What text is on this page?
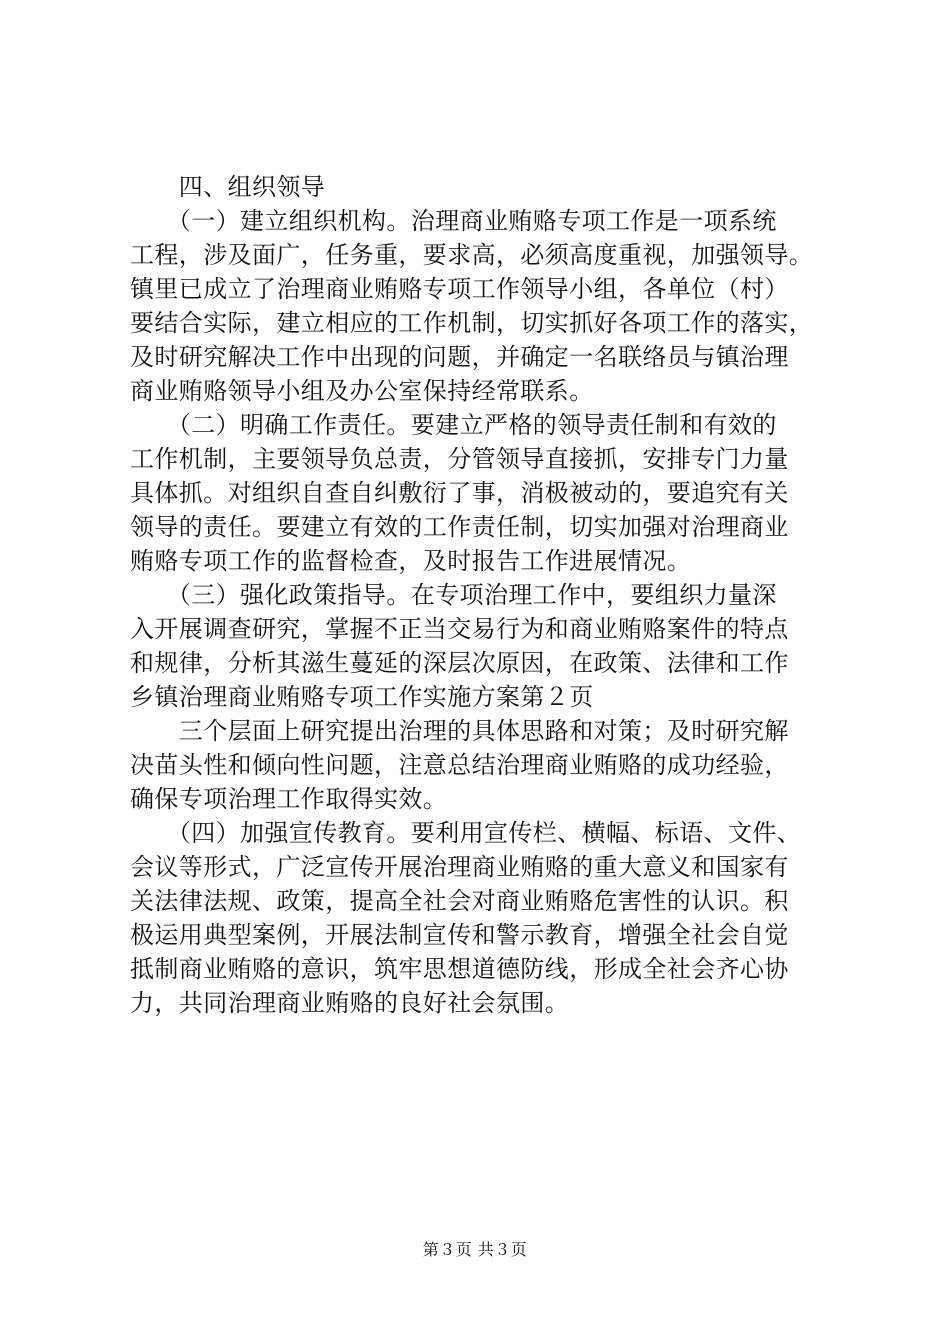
　　四、组织领导
　　（一）建立组织机构。治理商业贿赂专项工作是一项系统
工程，涉及面广，任务重，要求高，必须高度重视，加强领导。
镇里已成立了治理商业贿赂专项工作领导小组，各单位（村）
要结合实际，建立相应的工作机制，切实抓好各项工作的落实，
及时研究解决工作中出现的问题，并确定一名联络员与镇治理
商业贿赂领导小组及办公室保持经常联系。
　　（二）明确工作责任。要建立严格的领导责任制和有效的
工作机制，主要领导负总责，分管领导直接抓，安排专门力量
具体抓。对组织自查自纠敷衍了事，消极被动的，要追究有关
领导的责任。要建立有效的工作责任制，切实加强对治理商业
贿赂专项工作的监督检查，及时报告工作进展情况。
　　（三）强化政策指导。在专项治理工作中，要组织力量深
入开展调查研究，掌握不正当交易行为和商业贿赂案件的特点
和规律，分析其滋生蔓延的深层次原因，在政策、法律和工作
乡镇治理商业贿赂专项工作实施方案第２页
　　三个层面上研究提出治理的具体思路和对策；及时研究解
决苗头性和倾向性问题，注意总结治理商业贿赂的成功经验，
确保专项治理工作取得实效。
　　（四）加强宣传教育。要利用宣传栏、横幅、标语、文件、
会议等形式，广泛宣传开展治理商业贿赂的重大意义和国家有
关法律法规、政策，提高全社会对商业贿赂危害性的认识。积
极运用典型案例，开展法制宣传和警示教育，增强全社会自觉
抵制商业贿赂的意识，筑牢思想道德防线，形成全社会齐心协
力，共同治理商业贿赂的良好社会氛围。
第３页 共３页
